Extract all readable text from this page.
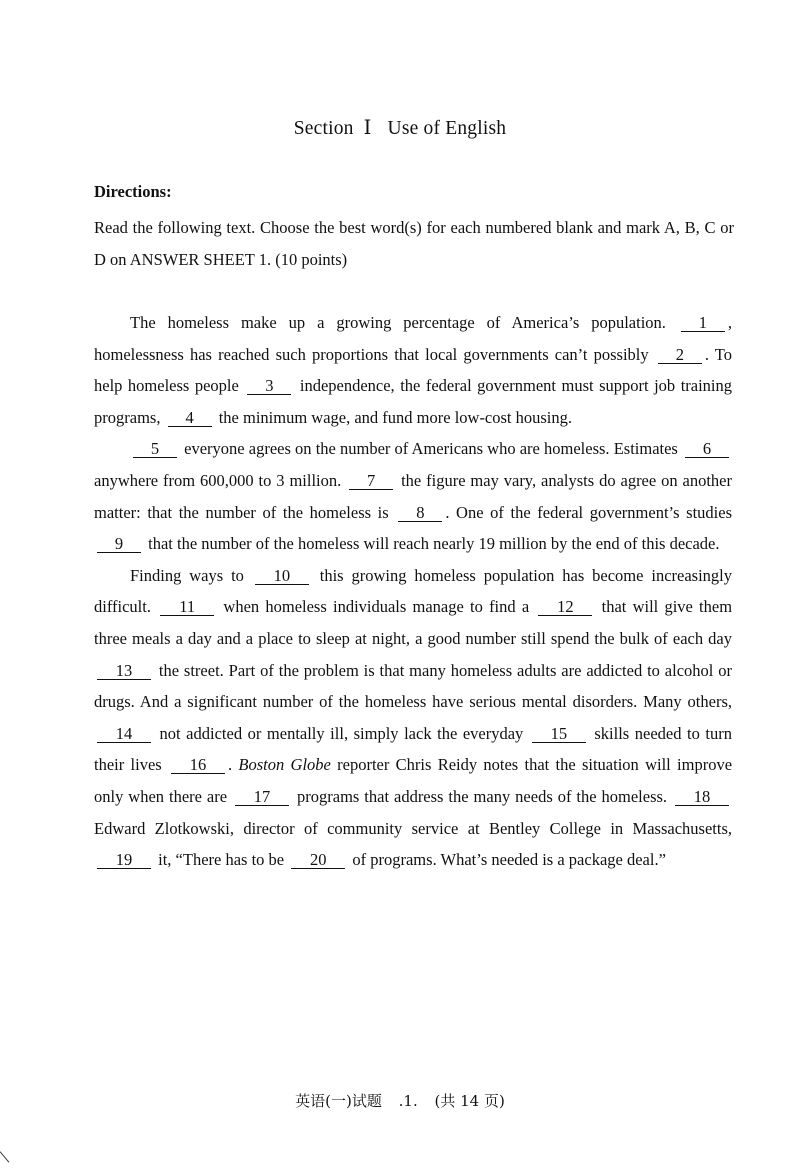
Section Ⅰ Use of English
Directions:
Read the following text. Choose the best word(s) for each numbered blank and mark A, B, C or D on ANSWER SHEET 1. (10 points)

The homeless make up a growing percentage of America’s population. 1 , homelessness has reached such proportions that local governments can’t possibly 2 . To help homeless people 3 independence, the federal government must support job training programs, 4 the minimum wage, and fund more low-cost housing.

5 everyone agrees on the number of Americans who are homeless. Estimates 6 anywhere from 600,000 to 3 million. 7 the figure may vary, analysts do agree on another matter: that the number of the homeless is 8 . One of the federal government’s studies 9 that the number of the homeless will reach nearly 19 million by the end of this decade.

Finding ways to 10 this growing homeless population has become increasingly difficult. 11 when homeless individuals manage to find a 12 that will give them three meals a day and a place to sleep at night, a good number still spend the bulk of each day 13 the street. Part of the problem is that many homeless adults are addicted to alcohol or drugs. And a significant number of the homeless have serious mental disorders. Many others, 14 not addicted or mentally ill, simply lack the everyday 15 skills needed to turn their lives 16 . Boston Globe reporter Chris Reidy notes that the situation will improve only when there are 17 programs that address the many needs of the homeless. 18 Edward Zlotkowski, director of community service at Bentley College in Massachusetts, 19 it, “There has to be 20 of programs. What’s needed is a package deal.”

英语(一)试题 .1. (共 14 页)
